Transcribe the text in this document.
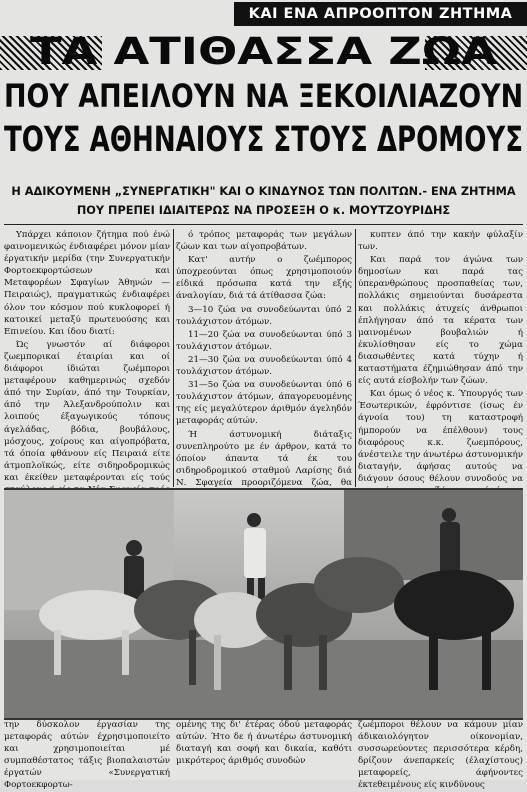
ΚΑΙ ΕΝΑ ΑΠΡΟΟΠΤΟΝ ΖΗΤΗΜΑ
ΤΑ ΑΤΙΘΑΣΣΑ ΖΩΑ
ΠΟΥ ΑΠΕΙΛΟΥΝ ΝΑ ΞΕΚΟΙΛΙΑΖΟΥΝ
ΤΟΥΣ ΑΘΗΝΑΙΟΥΣ ΣΤΟΥΣ ΔΡΟΜΟΥΣ
Η ΑΔΙΚΟΥΜΕΝΗ „ΣΥΝΕΡΓΑΤΙΚΗ" ΚΑΙ Ο ΚΙΝΔΥΝΟΣ ΤΩΝ ΠΟΛΙΤΩΝ.- ΕΝΑ ΖΗΤΗΜΑ ΠΟΥ ΠΡΕΠΕΙ ΙΔΙΑΙΤΕΡΩΣ ΝΑ ΠΡΟΣΕΞΗ Ο κ. ΜΟΥΤΖΟΥΡΙΔΗΣ

Υπάρχει κάποιον ζήτημα πού ένώ φαινομενικώς ένδιαφέρει μόνον μίαν έργατικήν μερίδα (την Συνεργατικήν Φορτοεκφορτώσεων και Μεταφορέων Σφαγίων Άθηνών — Πειραιώς), πραγματικώς ένδιαφέρει όλον τον κόσμον πού κυκλοφορεί ή κατοικεί μεταξύ πρωτευούσης και Επινείου. Και ίδου διατί:

Ώς γνωστόν αί διάφοροι ζωεμπορικαί έταιρίαι και οί διάφοροι ίδιώται ζωέμποροι μεταφέρουν καθημερινώς σχεδόν άπό την Συρίαν, άπό την Τουρκίαν, άπό την Άλεξανδρούπολιν και λοιπούς έξαγωγικούς τόπους άγελάδας, βόδια, βουβάλους, μόσχους, χοίρους και αίγοπρόβατα, τά όποία φθάνουν είς Πειραιά είτε άτμοπλοϊκώς, είτε σιδηροδρομικώς και έκείθεν μεταφέρονται είς τούς

ό τρόπος μεταφοράς των μεγάλων ζώων και των αίγοπροβάτων.

Κατ' αυτήν ο ζωέμπορος ύποχρεούνται όπως χρησιμοποιούν είδικά πρόσωπα κατά την εξής άναλογίαν, διά τά άτίθασσα ζώα:

3—10 ζώα να συνοδεύωνται ύπό 2 τουλάχιστον άτόμων.

11—20 ζώα να συνοδεύωνται ύπό 3 τουλάχιστον άτόμων.

21—30 ζώα να συνοδεύωνται ύπό 4 τουλάχιστον άτόμων.

31—5ο ζώα να συνοδεύωνται ύπό 6 τουλάχιστον άτόμων, άπαγορευομένης της είς μεγαλύτερον άριθμόν άγεληδόν μεταφοράς αύτών.

Ή άστυνομική διάταξις συνεπληρούτο με έν άρθρον, κατά το όποίον άπαντα τά έκ του σιδηροδρομικού σταθμού Λαρίσης διά Ν. Σφαγεία προοριζόμενα ζώα, θα

κυπτεν άπό την κακήν φύλαξίν των.

Και παρά τον άγώνα των δημοσίων και παρά τας ύπερανθρώπους προσπαθείας των, πολλάκις σημειούνται δυσάρεστα και πολλάκις άτυχείς άνθρωποι έπλήγησαν άπό τα κέρατα των μαινομένων βουβαλιών ή έκυλίσθησαν είς το χώμα διασωθέντες κατά τύχην ή καταστήματα έζημιώθησαν άπό την είς αυτά είσβολήν των ζώων.

Και όμως ό νέος κ. Ύπουργός των Έσωτερικών, έφρόντισε (ίσως έν άγνοία του) τη καταστροφή ήμπορούν να έπέλθουν) τους διαφόρους κ.κ. ζωεμπόρους, άνέστειλε την άνωτέρω άστυνομικήν διαταγήν, άφήσας αυτούς να διάγουν όσους θέλουν συνοδούς να

την δύσκολον έργασίαν της μεταφοράς αύτών έχρησιμοποιείτο και χρησιμοποιείται μέ συμπαθέστατος τάξις βιοπαλαιστών έργατών «Συνεργατική Φορτοεκφορτω-
ομένης της δι' έτέρας όδού μεταφοράς αύτών. Ήτο δε ή άνωτέρω άστυνομική διαταγή και σοφή και δικαία, καθότι μικρότερος άριθμός συνοδών
ζωέμποροι θέλουν να κάμουν μίαν άδικαιολόγητον οίκονομίαν, συσσωρεύοντες περισσότερα κέρδη, δρίζουν άνεπαρκείς (έλαχίστους) μεταφορείς, άφήνοντες έκτεθειμένους είς κινδύνους
